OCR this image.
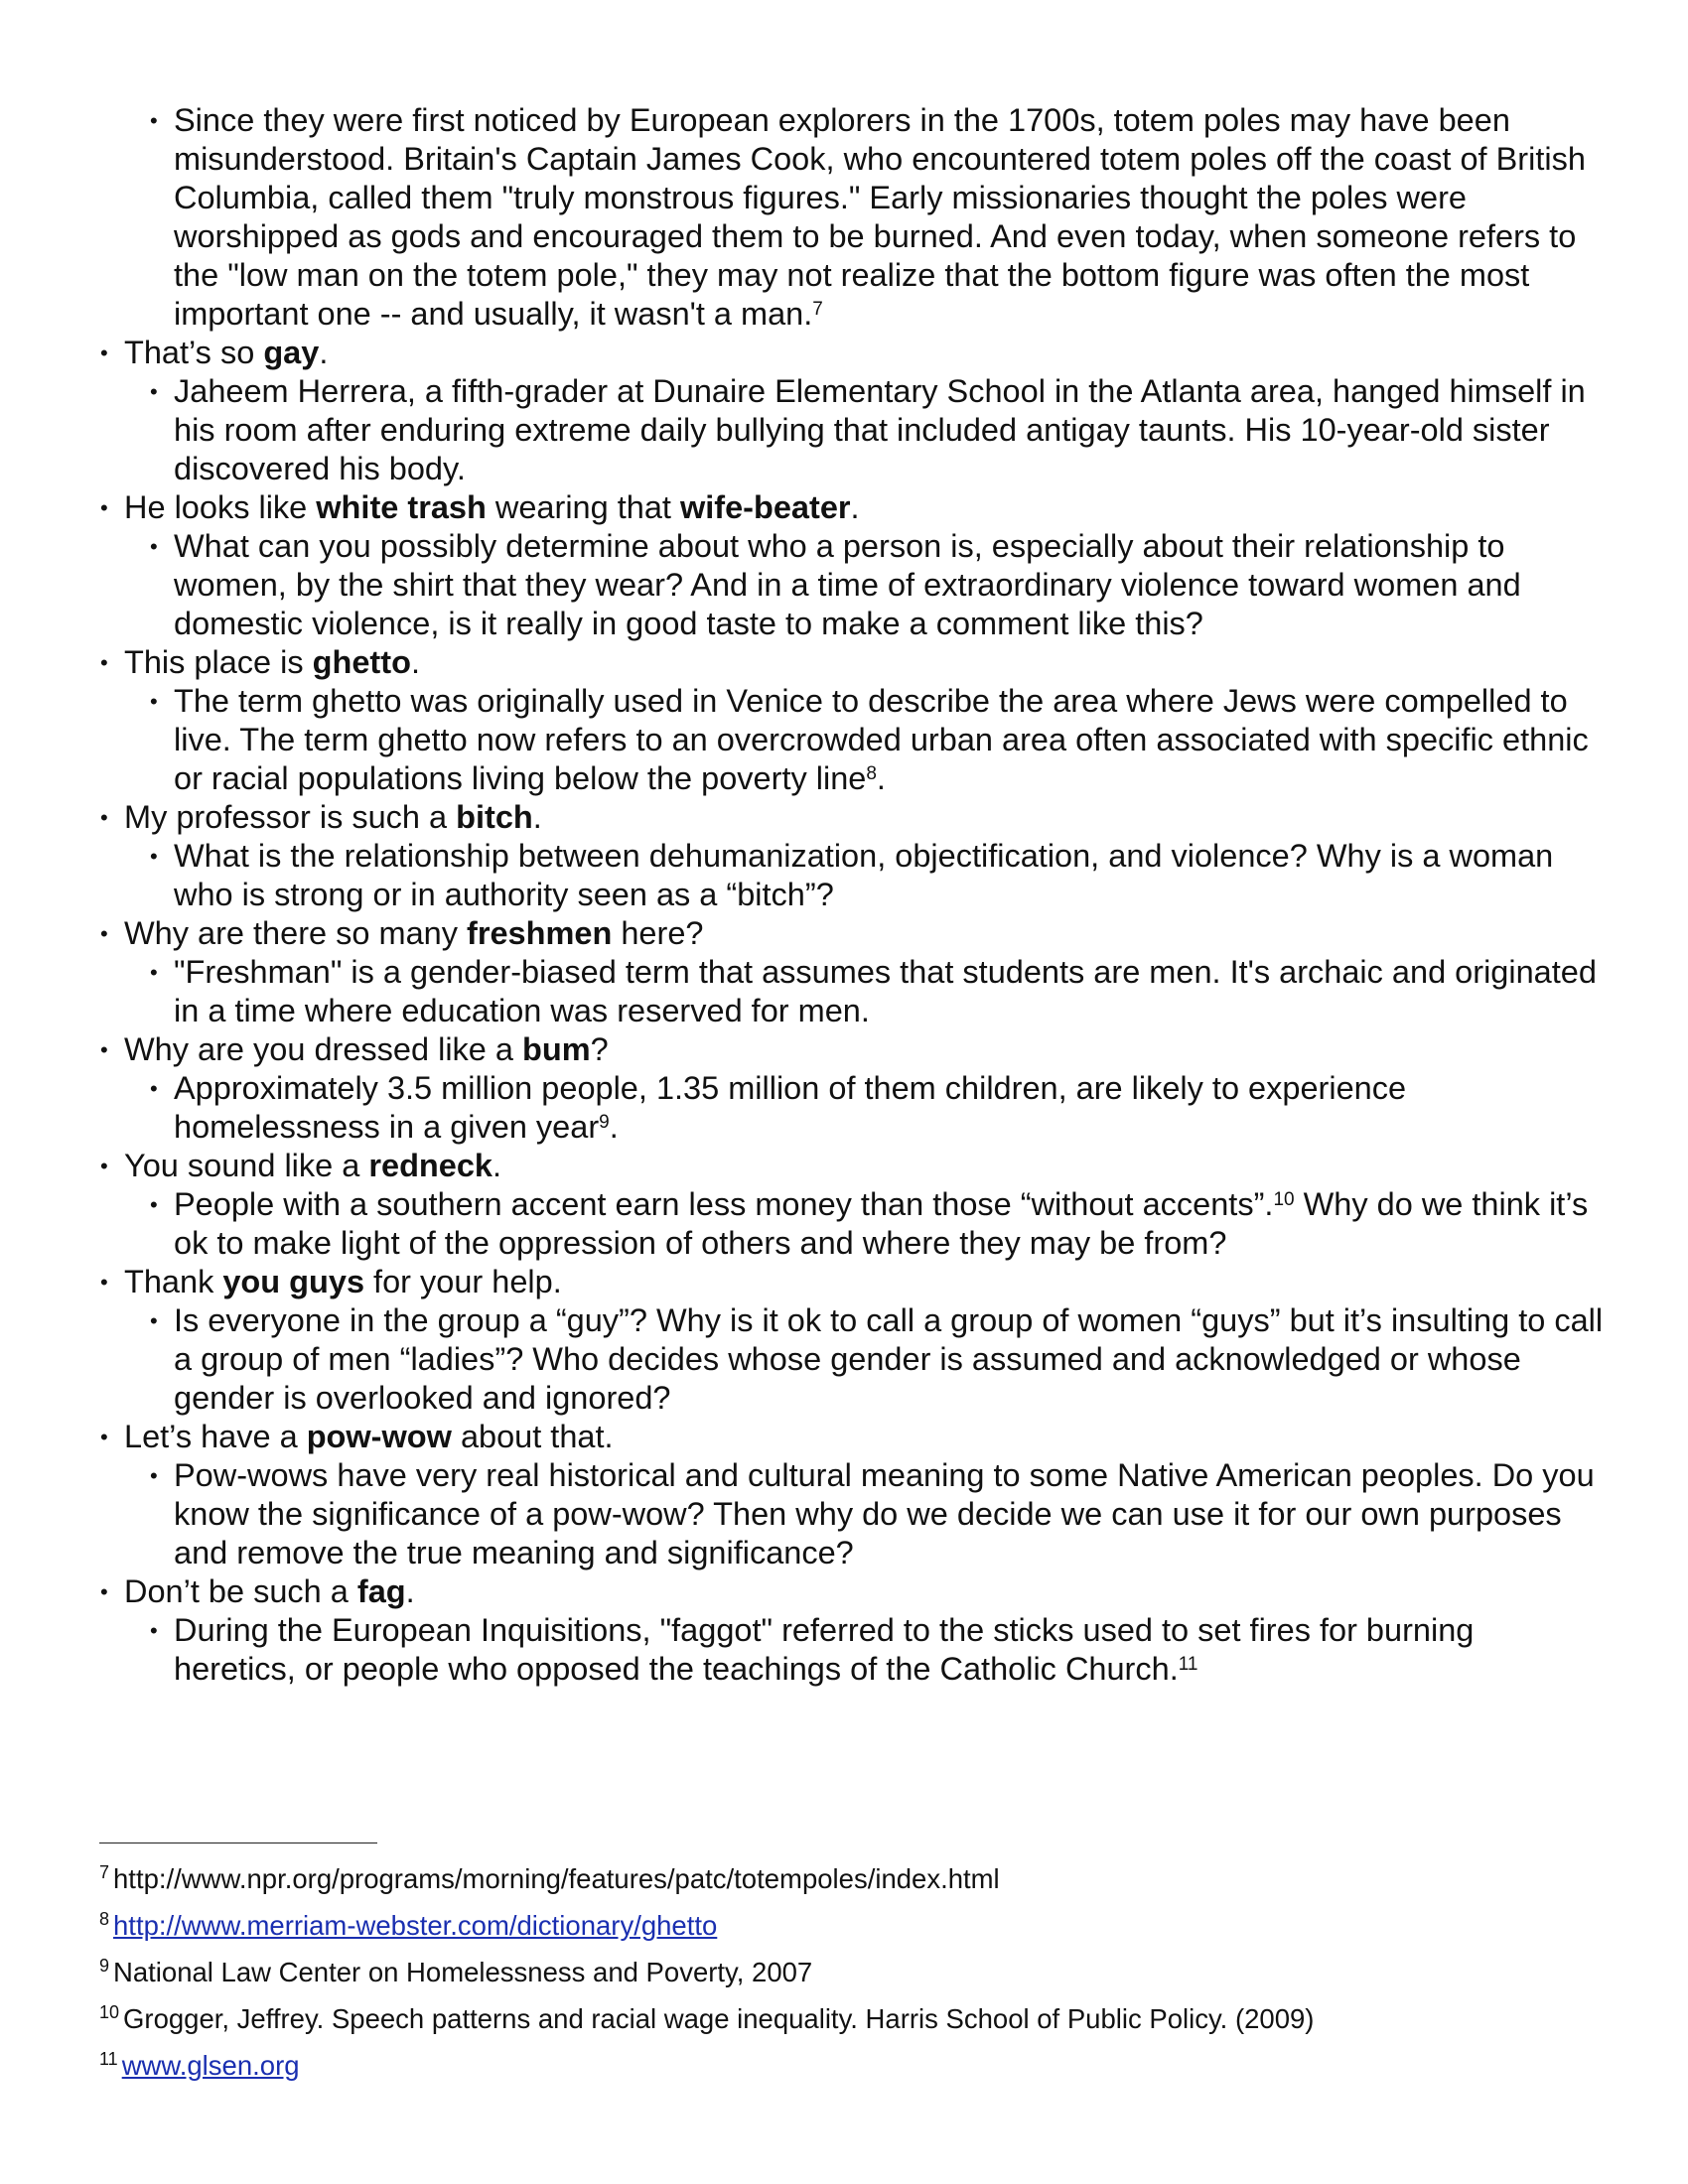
• Since they were first noticed by European explorers in the 1700s, totem poles may have been misunderstood. Britain's Captain James Cook, who encountered totem poles off the coast of British Columbia, called them "truly monstrous figures." Early missionaries thought the poles were worshipped as gods and encouraged them to be burned. And even today, when someone refers to the "low man on the totem pole," they may not realize that the bottom figure was often the most important one -- and usually, it wasn't a man.$^7$
• That’s so gay.
• Jaheem Herrera, a fifth-grader at Dunaire Elementary School in the Atlanta area, hanged himself in his room after enduring extreme daily bullying that included antigay taunts. His 10-year-old sister discovered his body.
• He looks like white trash wearing that wife-beater.
• What can you possibly determine about who a person is, especially about their relationship to women, by the shirt that they wear? And in a time of extraordinary violence toward women and domestic violence, is it really in good taste to make a comment like this?
• This place is ghetto.
• The term ghetto was originally used in Venice to describe the area where Jews were compelled to live. The term ghetto now refers to an overcrowded urban area often associated with specific ethnic or racial populations living below the poverty line$^8$.
• My professor is such a bitch.
• What is the relationship between dehumanization, objectification, and violence? Why is a woman who is strong or in authority seen as a “bitch”?
• Why are there so many freshmen here?
• "Freshman" is a gender-biased term that assumes that students are men. It's archaic and originated in a time where education was reserved for men.
• Why are you dressed like a bum?
• Approximately 3.5 million people, 1.35 million of them children, are likely to experience homelessness in a given year$^9$.
• You sound like a redneck.
• People with a southern accent earn less money than those “without accents”.$^{10}$ Why do we think it’s ok to make light of the oppression of others and where they may be from?
• Thank you guys for your help.
• Is everyone in the group a “guy”? Why is it ok to call a group of women “guys” but it’s insulting to call a group of men “ladies”? Who decides whose gender is assumed and acknowledged or whose gender is overlooked and ignored?
• Let’s have a pow-wow about that.
• Pow-wows have very real historical and cultural meaning to some Native American peoples. Do you know the significance of a pow-wow? Then why do we decide we can use it for our own purposes and remove the true meaning and significance?
• Don’t be such a fag.
• During the European Inquisitions, "faggot" referred to the sticks used to set fires for burning heretics, or people who opposed the teachings of the Catholic Church.$^{11}$
$^7$ http://www.npr.org/programs/morning/features/patc/totempoles/index.html
$^8$ http://www.merriam-webster.com/dictionary/ghetto
$^9$ National Law Center on Homelessness and Poverty, 2007
$^{10}$ Grogger, Jeffrey. Speech patterns and racial wage inequality. Harris School of Public Policy. (2009)
$^{11}$ www.glsen.org
